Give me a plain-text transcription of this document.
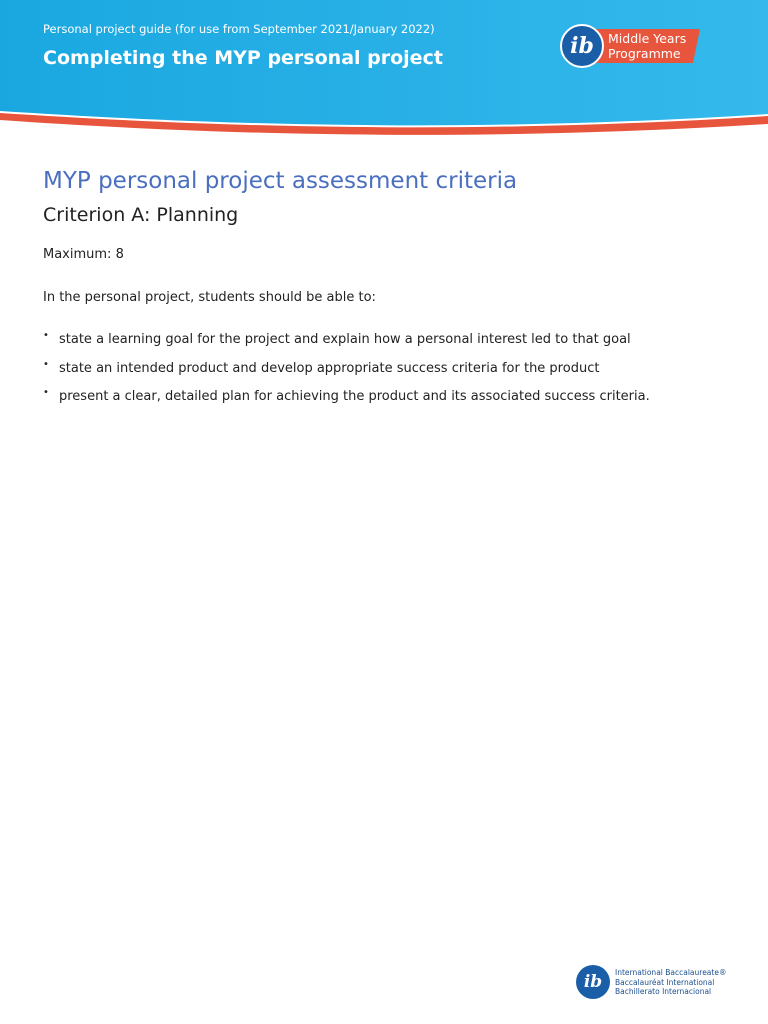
Personal project guide (for use from September 2021/January 2022)
Completing the MYP personal project
Middle Years
Programme
ib
MYP personal project assessment criteria
Criterion A: Planning
Maximum: 8
In the personal project, students should be able to:
• state a learning goal for the project and explain how a personal interest led to that goal
• state an intended product and develop appropriate success criteria for the product
• present a clear, detailed plan for achieving the product and its associated success criteria.
ib	International Baccalaureate®
Baccalauréat International
Bachillerato Internacional
